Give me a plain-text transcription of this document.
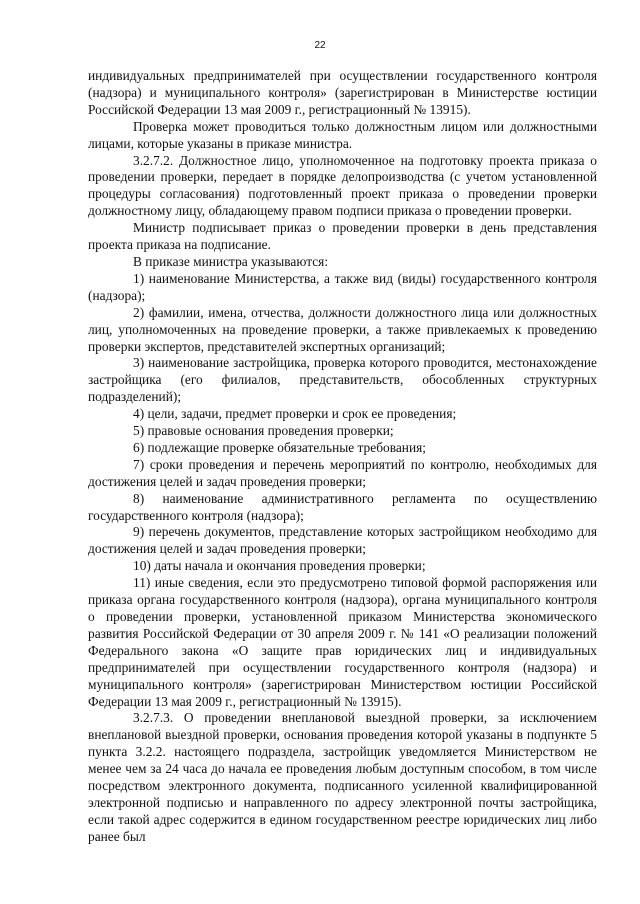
22

индивидуальных предпринимателей при осуществлении государственного контроля (надзора) и муниципального контроля» (зарегистрирован в Министерстве юстиции Российской Федерации 13 мая 2009 г., регистрационный № 13915).

Проверка может проводиться только должностным лицом или должностными лицами, которые указаны в приказе министра.

3.2.7.2. Должностное лицо, уполномоченное на подготовку проекта приказа о проведении проверки, передает в порядке делопроизводства (с учетом установленной процедуры согласования) подготовленный проект приказа о проведении проверки должностному лицу, обладающему правом подписи приказа о проведении проверки.

Министр подписывает приказ о проведении проверки в день представления проекта приказа на подписание.

В приказе министра указываются:

1) наименование Министерства, а также вид (виды) государственного контроля (надзора);

2) фамилии, имена, отчества, должности должностного лица или должностных лиц, уполномоченных на проведение проверки, а также привлекаемых к проведению проверки экспертов, представителей экспертных организаций;

3) наименование застройщика, проверка которого проводится, местонахождение застройщика (его филиалов, представительств, обособленных структурных подразделений);

4) цели, задачи, предмет проверки и срок ее проведения;

5) правовые основания проведения проверки;

6) подлежащие проверке обязательные требования;

7) сроки проведения и перечень мероприятий по контролю, необходимых для достижения целей и задач проведения проверки;

8) наименование административного регламента по осуществлению государственного контроля (надзора);

9) перечень документов, представление которых застройщиком необходимо для достижения целей и задач проведения проверки;

10) даты начала и окончания проведения проверки;

11) иные сведения, если это предусмотрено типовой формой распоряжения или приказа органа государственного контроля (надзора), органа муниципального контроля о проведении проверки, установленной приказом Министерства экономического развития Российской Федерации от 30 апреля 2009 г. № 141 «О реализации положений Федерального закона «О защите прав юридических лиц и индивидуальных предпринимателей при осуществлении государственного контроля (надзора) и муниципального контроля» (зарегистрирован Министерством юстиции Российской Федерации 13 мая 2009 г., регистрационный № 13915).

3.2.7.3. О проведении внеплановой выездной проверки, за исключением внеплановой выездной проверки, основания проведения которой указаны в подпункте 5 пункта 3.2.2. настоящего подраздела, застройщик уведомляется Министерством не менее чем за 24 часа до начала ее проведения любым доступным способом, в том числе посредством электронного документа, подписанного усиленной квалифицированной электронной подписью и направленного по адресу электронной почты застройщика, если такой адрес содержится в едином государственном реестре юридических лиц либо ранее был
